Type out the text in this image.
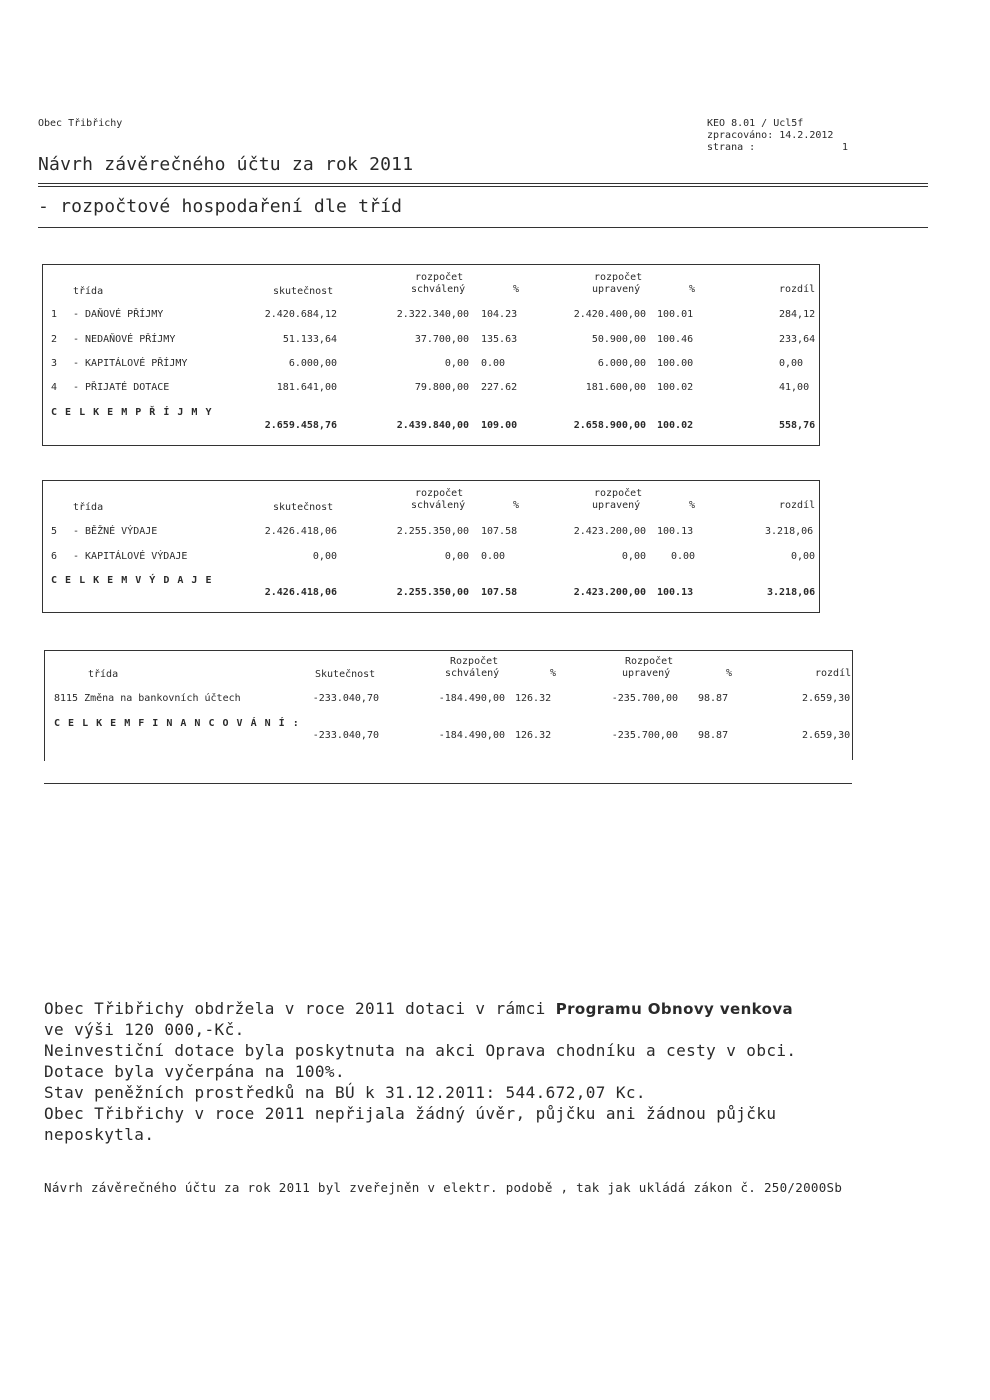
Obec Třibřichy	KEO 8.01 / Ucl5f
zpracováno: 14.2.2012
strana :	1
Návrh závěrečného účtu za rok 2011
- rozpočtové hospodaření dle tříd
třída	skutečnost
rozpočet
schválený	%
rozpočet
upravený	%	rozdíl
1 - DAŇOVÉ PŘÍJMY	2.420.684,12	2.322.340,00 104.23	2.420.400,00 100.01	284,12
2 - NEDAŇOVÉ PŘÍJMY	51.133,64	37.700,00 135.63	50.900,00 100.46	233,64
3 - KAPITÁLOVÉ PŘÍJMY	6.000,00	0,00 0.00	6.000,00 100.00	0,00
4 - PŘIJATÉ DOTACE	181.641,00	79.800,00 227.62	181.600,00 100.02	41,00
C E L K E M P Ř Í J M Y
2.659.458,76	2.439.840,00 109.00	2.658.900,00 100.02	558,76
třída	skutečnost
rozpočet
schválený	%
rozpočet
upravený	%	rozdíl
5 - BĚŽNÉ VÝDAJE	2.426.418,06	2.255.350,00 107.58	2.423.200,00 100.13	3.218,06
6 - KAPITÁLOVÉ VÝDAJE	0,00	0,00 0.00	0,00	0.00	0,00
C E L K E M V Ý D A J E
2.426.418,06	2.255.350,00 107.58	2.423.200,00 100.13	3.218,06
třída	Skutečnost
Rozpočet
schválený	%
Rozpočet
upravený	%	rozdíl
8115 Změna na bankovních účtech	-233.040,70	-184.490,00 126.32	-235.700,00 98.87	2.659,30
C E L K E M F I N A N C O V Á N Í :
-233.040,70	-184.490,00 126.32	-235.700,00 98.87	2.659,30
Obec Třibřichy obdržela v roce 2011 dotaci v rámci Programu Obnovy venkova
ve výši 120 000,-Kč.
Neinvestiční dotace byla poskytnuta na akci Oprava chodníku a cesty v obci.
Dotace byla vyčerpána na 100%.
Stav peněžních prostředků na BÚ k 31.12.2011: 544.672,07 Kc.
Obec Třibřichy v roce 2011 nepřijala žádný úvěr, půjčku ani žádnou půjčku
neposkytla.
Návrh závěrečného účtu za rok 2011 byl zveřejněn v elektr. podobě , tak jak ukládá zákon č. 250/2000Sb
